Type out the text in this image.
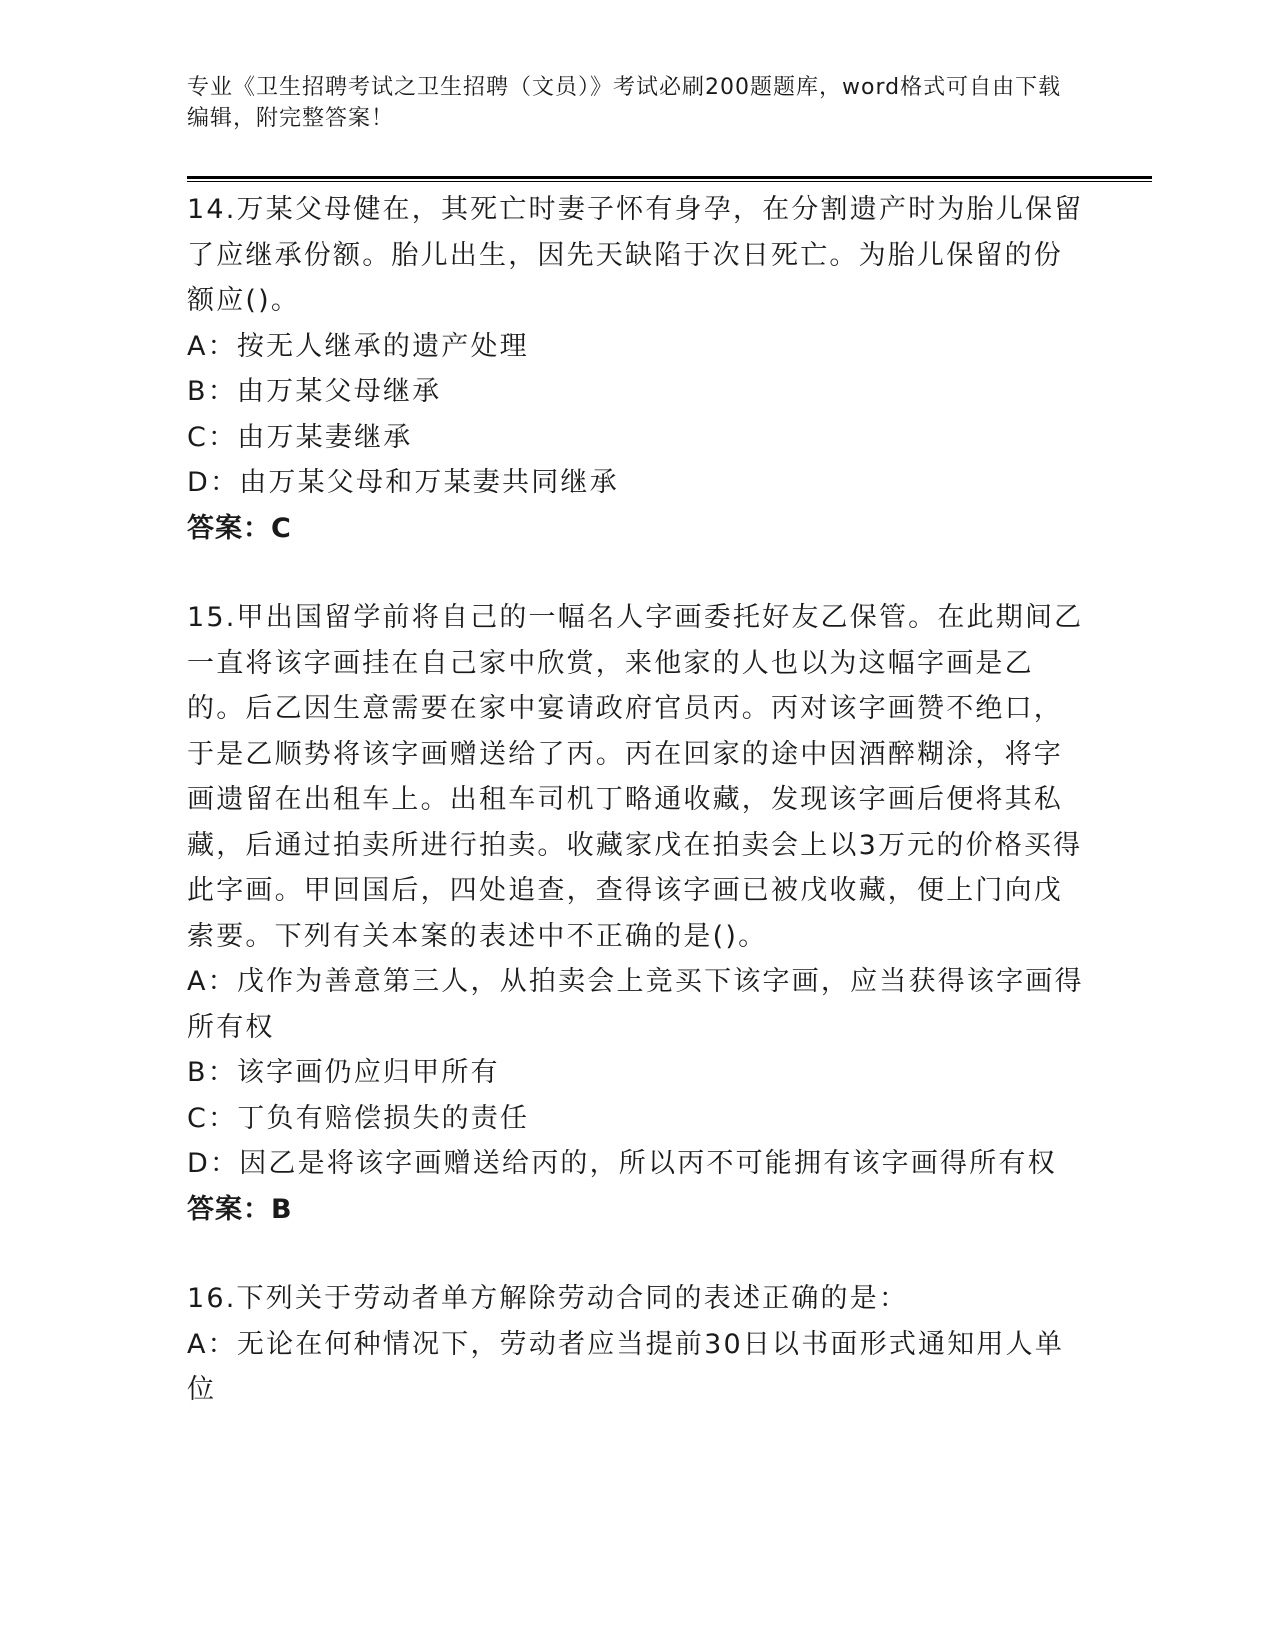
专业《卫生招聘考试之卫生招聘（文员）》考试必刷200题题库，word格式可自由下载编辑，附完整答案！

14.万某父母健在，其死亡时妻子怀有身孕，在分割遗产时为胎儿保留了应继承份额。胎儿出生，因先天缺陷于次日死亡。为胎儿保留的份额应()。

A：按无人继承的遗产处理

B：由万某父母继承

C：由万某妻继承

D：由万某父母和万某妻共同继承

答案：C

15.甲出国留学前将自己的一幅名人字画委托好友乙保管。在此期间乙一直将该字画挂在自己家中欣赏，来他家的人也以为这幅字画是乙的。后乙因生意需要在家中宴请政府官员丙。丙对该字画赞不绝口，于是乙顺势将该字画赠送给了丙。丙在回家的途中因酒醉糊涂，将字画遗留在出租车上。出租车司机丁略通收藏，发现该字画后便将其私藏，后通过拍卖所进行拍卖。收藏家戊在拍卖会上以3万元的价格买得此字画。甲回国后，四处追查，查得该字画已被戊收藏，便上门向戊索要。下列有关本案的表述中不正确的是()。

A：戊作为善意第三人，从拍卖会上竞买下该字画，应当获得该字画得所有权

B：该字画仍应归甲所有

C：丁负有赔偿损失的责任

D：因乙是将该字画赠送给丙的，所以丙不可能拥有该字画得所有权

答案：B

16.下列关于劳动者单方解除劳动合同的表述正确的是：

A：无论在何种情况下，劳动者应当提前30日以书面形式通知用人单位
